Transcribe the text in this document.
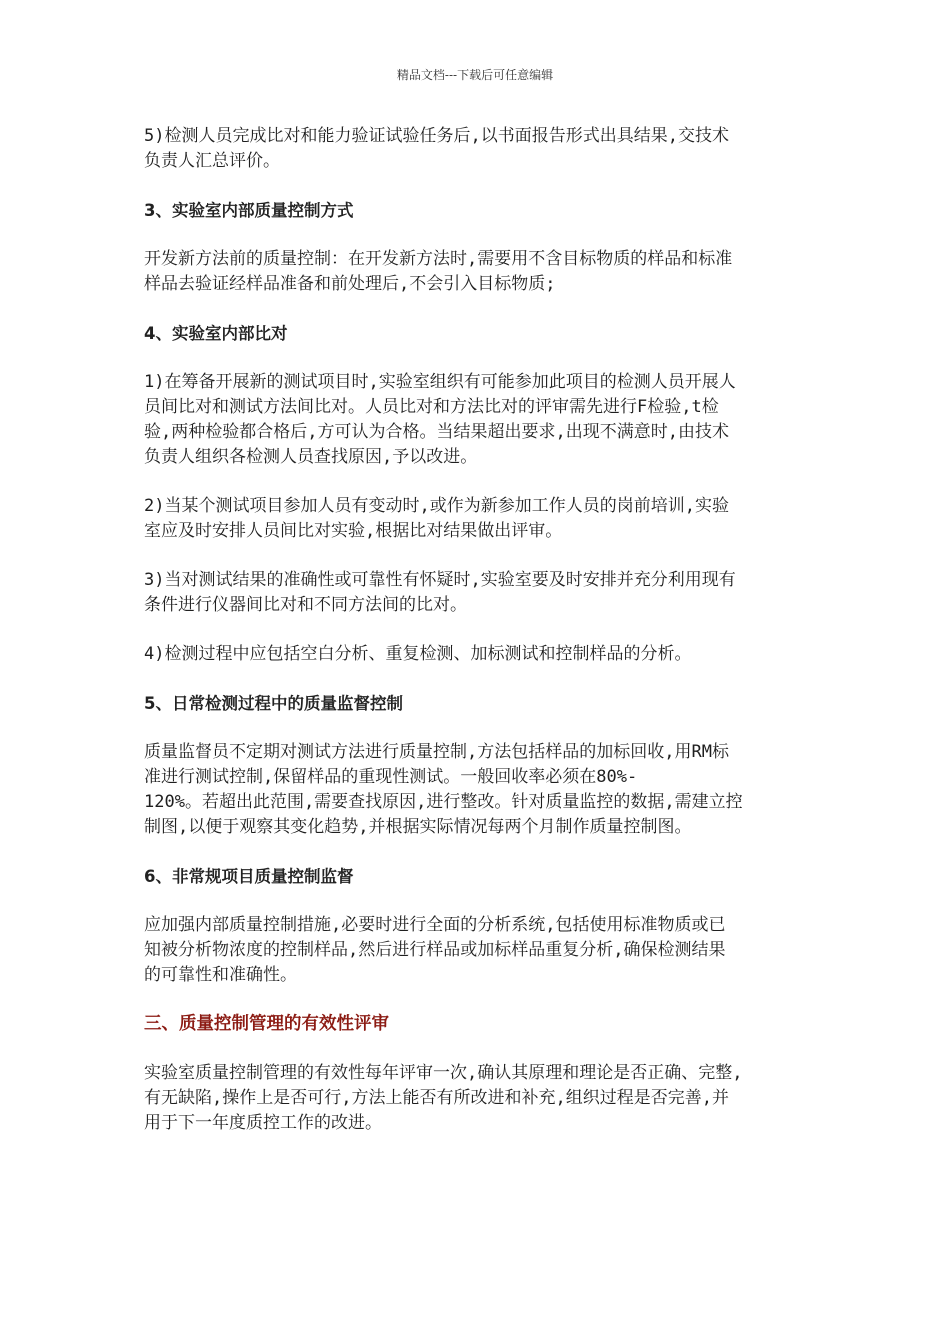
精品文档---下载后可任意编辑

5)检测人员完成比对和能力验证试验任务后,以书面报告形式出具结果,交技术
负责人汇总评价。

3、实验室内部质量控制方式

开发新方法前的质量控制：在开发新方法时,需要用不含目标物质的样品和标准
样品去验证经样品准备和前处理后,不会引入目标物质;

4、实验室内部比对

1)在筹备开展新的测试项目时,实验室组织有可能参加此项目的检测人员开展人
员间比对和测试方法间比对。人员比对和方法比对的评审需先进行F检验,t检
验,两种检验都合格后,方可认为合格。当结果超出要求,出现不满意时,由技术
负责人组织各检测人员查找原因,予以改进。

2)当某个测试项目参加人员有变动时,或作为新参加工作人员的岗前培训,实验
室应及时安排人员间比对实验,根据比对结果做出评审。

3)当对测试结果的准确性或可靠性有怀疑时,实验室要及时安排并充分利用现有
条件进行仪器间比对和不同方法间的比对。

4)检测过程中应包括空白分析、重复检测、加标测试和控制样品的分析。

5、日常检测过程中的质量监督控制

质量监督员不定期对测试方法进行质量控制,方法包括样品的加标回收,用RM标
准进行测试控制,保留样品的重现性测试。一般回收率必须在80%-
120%。若超出此范围,需要查找原因,进行整改。针对质量监控的数据,需建立控
制图,以便于观察其变化趋势,并根据实际情况每两个月制作质量控制图。

6、非常规项目质量控制监督

应加强内部质量控制措施,必要时进行全面的分析系统,包括使用标准物质或已
知被分析物浓度的控制样品,然后进行样品或加标样品重复分析,确保检测结果
的可靠性和准确性。

三、质量控制管理的有效性评审

实验室质量控制管理的有效性每年评审一次,确认其原理和理论是否正确、完整,
有无缺陷,操作上是否可行,方法上能否有所改进和补充,组织过程是否完善,并
用于下一年度质控工作的改进。
